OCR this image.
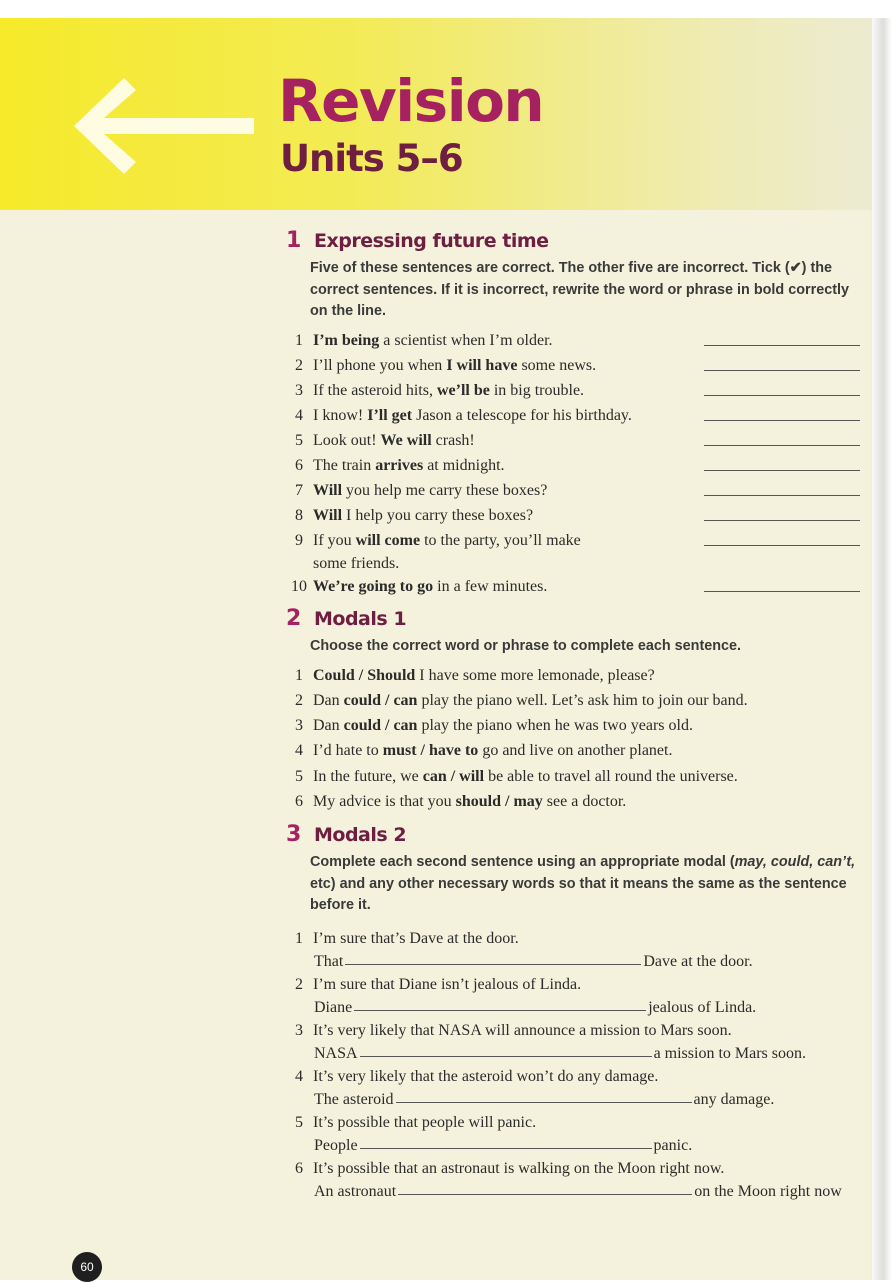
Revision
Units 5–6
1 Expressing future time

Five of these sentences are correct. The other five are incorrect. Tick (✔) the correct sentences. If it is incorrect, rewrite the word or phrase in bold correctly on the line.

1 I’m being a scientist when I’m older.
2 I’ll phone you when I will have some news.
3 If the asteroid hits, we’ll be in big trouble.
4 I know! I’ll get Jason a telescope for his birthday.
5 Look out! We will crash!
6 The train arrives at midnight.
7 Will you help me carry these boxes?
8 Will I help you carry these boxes?
9 If you will come to the party, you’ll make some friends.
10 We’re going to go in a few minutes.
2 Modals 1

Choose the correct word or phrase to complete each sentence.

1 Could / Should I have some more lemonade, please?
2 Dan could / can play the piano well. Let’s ask him to join our band.
3 Dan could / can play the piano when he was two years old.
4 I’d hate to must / have to go and live on another planet.
5 In the future, we can / will be able to travel all round the universe.
6 My advice is that you should / may see a doctor.
3 Modals 2

Complete each second sentence using an appropriate modal (may, could, can’t, etc) and any other necessary words so that it means the same as the sentence before it.

1 I’m sure that’s Dave at the door.
That	Dave at the door.
2 I’m sure that Diane isn’t jealous of Linda.
Diane	jealous of Linda.
3 It’s very likely that NASA will announce a mission to Mars soon.
NASA	a mission to Mars soon.
4 It’s very likely that the asteroid won’t do any damage.
The asteroid	any damage.
5 It’s possible that people will panic.
People	panic.
6 It’s possible that an astronaut is walking on the Moon right now.
An astronaut	on the Moon right now
60
